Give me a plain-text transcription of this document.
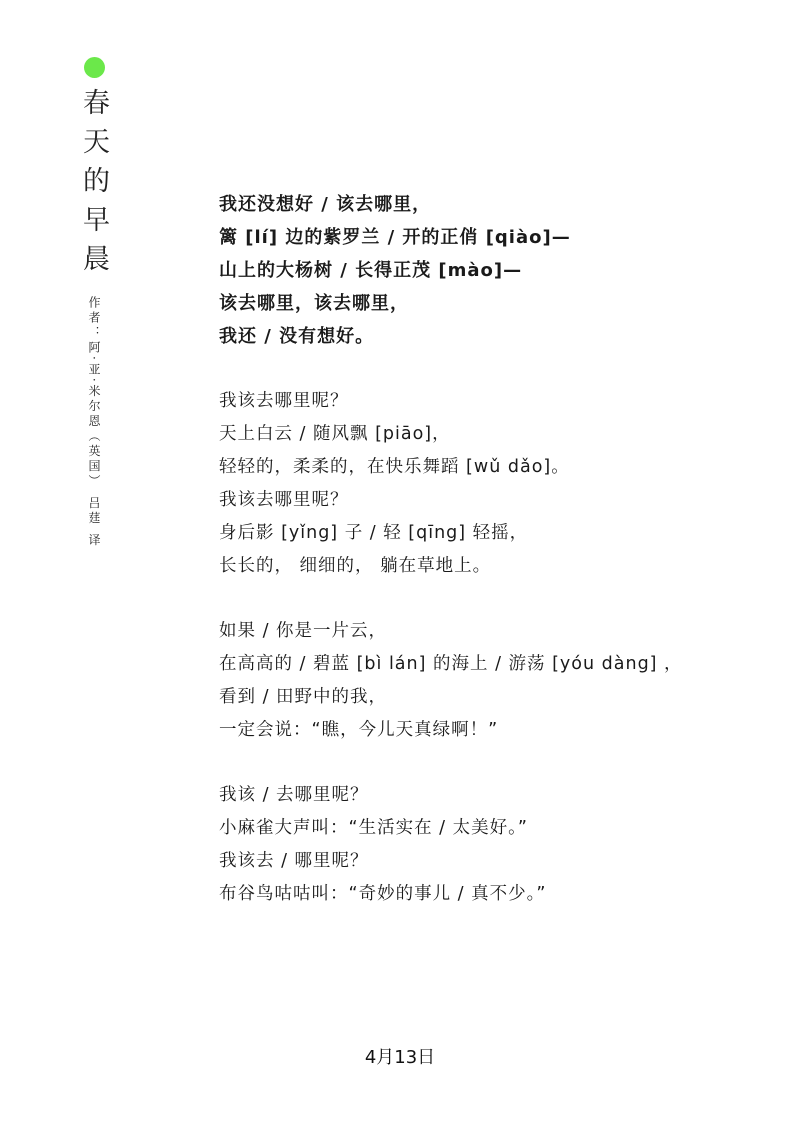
春天的早晨
作者：阿·亚·米尔恩（英国） 吕莛 译
我还没想好 / 该去哪里，
篱 [lí] 边的紫罗兰 / 开的正俏 [qiào]—
山上的大杨树 / 长得正茂 [mào]—
该去哪里，该去哪里，
我还 / 没有想好。
我该去哪里呢？
天上白云 / 随风飘 [piāo]，
轻轻的，柔柔的，在快乐舞蹈 [wǔ dǎo]。
我该去哪里呢？
身后影 [yǐng] 子 / 轻 [qīng] 轻摇，
长长的， 细细的， 躺在草地上。
如果 / 你是一片云，
在高高的 / 碧蓝 [bì lán] 的海上 / 游荡 [yóu dàng] ，
看到 / 田野中的我，
一定会说：“瞧，今儿天真绿啊！”
我该 / 去哪里呢？
小麻雀大声叫：“生活实在 / 太美好。”
我该去 / 哪里呢？
布谷鸟咕咕叫：“奇妙的事儿 / 真不少。”
4月13日
